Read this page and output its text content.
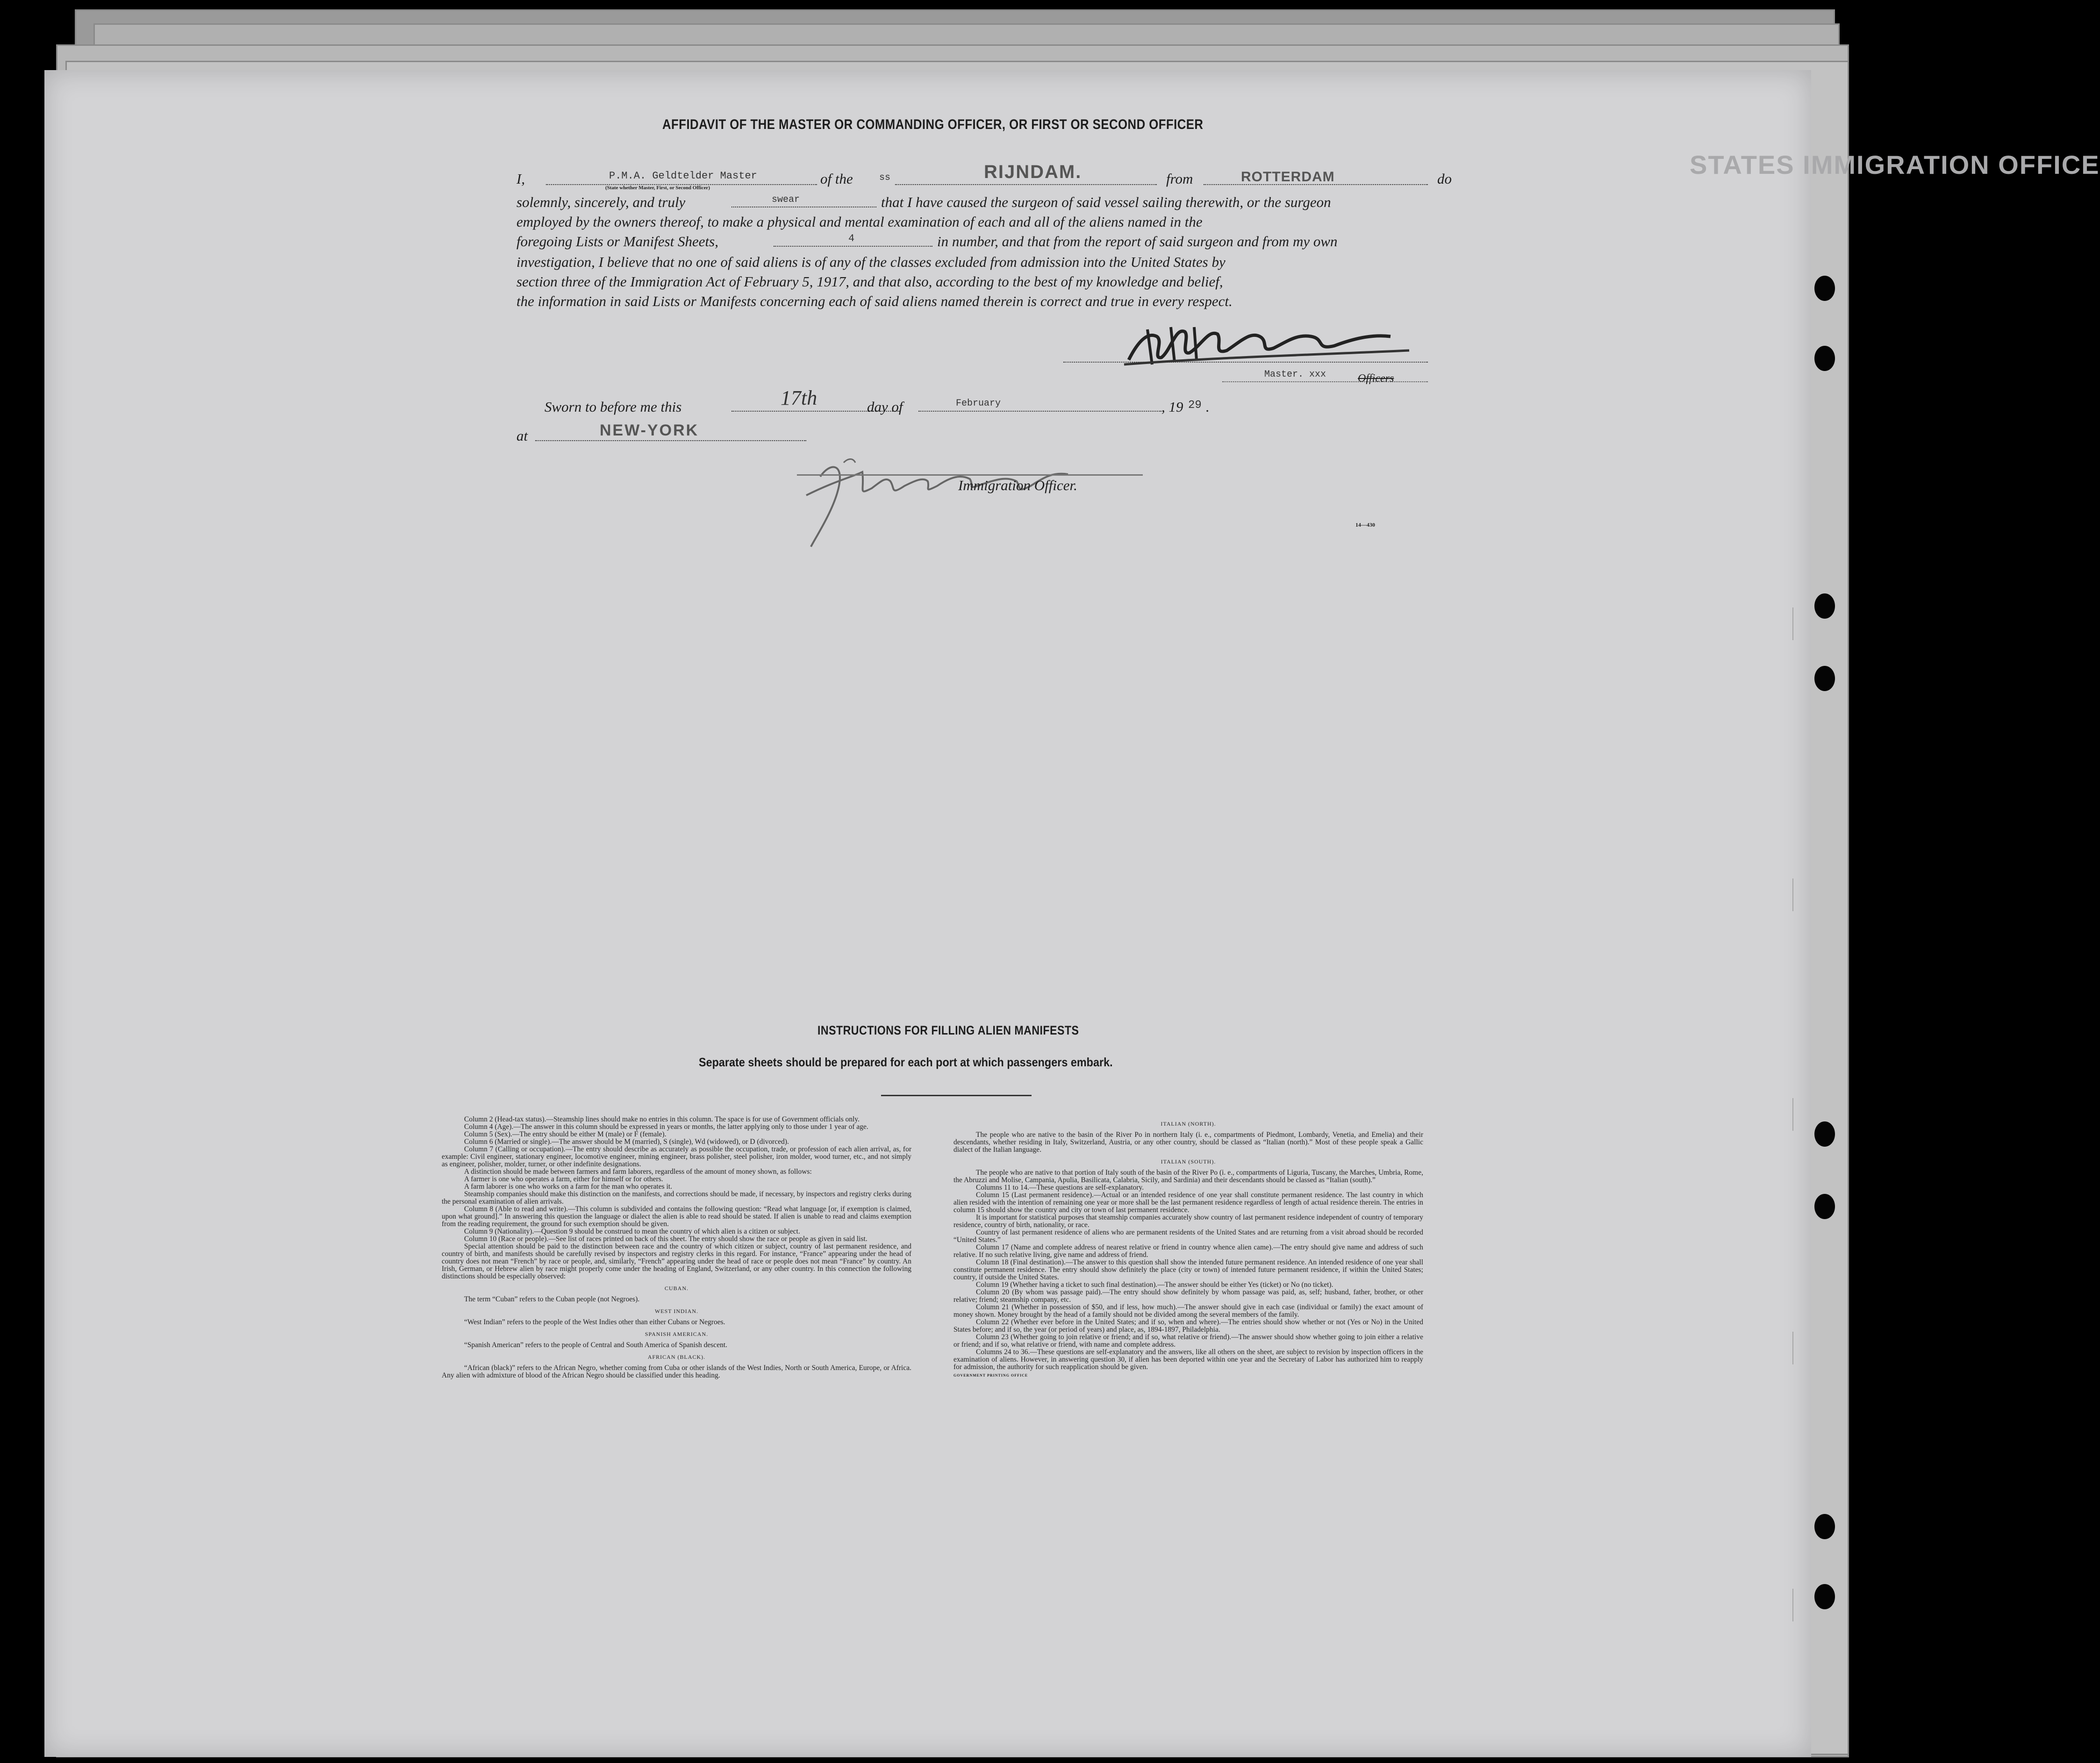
STATES IMMIGRATION OFFICE
AFFIDAVIT OF THE MASTER OR COMMANDING OFFICER, OR FIRST OR SECOND OFFICER
I,	P.M.A. Geldtelder Master
(State whether Master, First, or Second Officer)
of the	ss	RIJNDAM.	from	ROTTERDAM	do
solemnly, sincerely, and truly	swear	that I have caused the surgeon of said vessel sailing therewith, or the surgeon
employed by the owners thereof, to make a physical and mental examination of each and all of the aliens named in the
foregoing Lists or Manifest Sheets,	4	in number, and that from the report of said surgeon and from my own
investigation, I believe that no one of said aliens is of any of the classes excluded from admission into the United States by
section three of the Immigration Act of February 5, 1917, and that also, according to the best of my knowledge and belief,
the information in said Lists or Manifests concerning each of said aliens named therein is correct and true in every respect.
Master. xxx	Officers
Sworn to before me this	17th	day of	February	, 19 29 .
at	NEW-YORK
Immigration Officer.
14—430
INSTRUCTIONS FOR FILLING ALIEN MANIFESTS
Separate sheets should be prepared for each port at which passengers embark.

Column 2 (Head-tax status).—Steamship lines should make no entries in this column. The space is for use of Government officials only.

Column 4 (Age).—The answer in this column should be expressed in years or months, the latter applying only to those under 1 year of age.

Column 5 (Sex).—The entry should be either M (male) or F (female).

Column 6 (Married or single).—The answer should be M (married), S (single), Wd (widowed), or D (divorced).

Column 7 (Calling or occupation).—The entry should describe as accurately as possible the occupation, trade, or profession of each alien arrival, as, for example: Civil engineer, stationary engineer, locomotive engineer, mining engineer, brass polisher, steel polisher, iron molder, wood turner, etc., and not simply as engineer, polisher, molder, turner, or other indefinite designations.

A distinction should be made between farmers and farm laborers, regardless of the amount of money shown, as follows:

A farmer is one who operates a farm, either for himself or for others.

A farm laborer is one who works on a farm for the man who operates it.

Steamship companies should make this distinction on the manifests, and corrections should be made, if necessary, by inspectors and registry clerks during the personal examination of alien arrivals.

Column 8 (Able to read and write).—This column is subdivided and contains the following question: “Read what language [or, if exemption is claimed, upon what ground].” In answering this question the language or dialect the alien is able to read should be stated. If alien is unable to read and claims exemption from the reading requirement, the ground for such exemption should be given.

Column 9 (Nationality).—Question 9 should be construed to mean the country of which alien is a citizen or subject.

Column 10 (Race or people).—See list of races printed on back of this sheet. The entry should show the race or people as given in said list.

Special attention should be paid to the distinction between race and the country of which citizen or subject, country of last permanent residence, and country of birth, and manifests should be carefully revised by inspectors and registry clerks in this regard. For instance, “France” appearing under the head of country does not mean “French” by race or people, and, similarly, “French” appearing under the head of race or people does not mean “France” by country. An Irish, German, or Hebrew alien by race might properly come under the heading of England, Switzerland, or any other country. In this connection the following distinctions should be especially observed:

CUBAN.

The term “Cuban” refers to the Cuban people (not Negroes).

WEST INDIAN.

“West Indian” refers to the people of the West Indies other than either Cubans or Negroes.

SPANISH AMERICAN.

“Spanish American” refers to the people of Central and South America of Spanish descent.

AFRICAN (BLACK).

“African (black)” refers to the African Negro, whether coming from Cuba or other islands of the West Indies, North or South America, Europe, or Africa. Any alien with admixture of blood of the African Negro should be classified under this heading.

ITALIAN (NORTH).

The people who are native to the basin of the River Po in northern Italy (i. e., compartments of Piedmont, Lombardy, Venetia, and Emelia) and their descendants, whether residing in Italy, Switzerland, Austria, or any other country, should be classed as “Italian (north).” Most of these people speak a Gallic dialect of the Italian language.

ITALIAN (SOUTH).

The people who are native to that portion of Italy south of the basin of the River Po (i. e., compartments of Liguria, Tuscany, the Marches, Umbria, Rome, the Abruzzi and Molise, Campania, Apulia, Basilicata, Calabria, Sicily, and Sardinia) and their descendants should be classed as “Italian (south).”

Columns 11 to 14.—These questions are self-explanatory.

Column 15 (Last permanent residence).—Actual or an intended residence of one year shall constitute permanent residence. The last country in which alien resided with the intention of remaining one year or more shall be the last permanent residence regardless of length of actual residence therein. The entries in column 15 should show the country and city or town of last permanent residence.

It is important for statistical purposes that steamship companies accurately show country of last permanent residence independent of country of temporary residence, country of birth, nationality, or race.

Country of last permanent residence of aliens who are permanent residents of the United States and are returning from a visit abroad should be recorded “United States.”

Column 17 (Name and complete address of nearest relative or friend in country whence alien came).—The entry should give name and address of such relative. If no such relative living, give name and address of friend.

Column 18 (Final destination).—The answer to this question shall show the intended future permanent residence. An intended residence of one year shall constitute permanent residence. The entry should show definitely the place (city or town) of intended future permanent residence, if within the United States; country, if outside the United States.

Column 19 (Whether having a ticket to such final destination).—The answer should be either Yes (ticket) or No (no ticket).

Column 20 (By whom was passage paid).—The entry should show definitely by whom passage was paid, as, self; husband, father, brother, or other relative; friend; steamship company, etc.

Column 21 (Whether in possession of $50, and if less, how much).—The answer should give in each case (individual or family) the exact amount of money shown. Money brought by the head of a family should not be divided among the several members of the family.

Column 22 (Whether ever before in the United States; and if so, when and where).—The entries should show whether or not (Yes or No) in the United States before; and if so, the year (or period of years) and place, as, 1894-1897, Philadelphia.

Column 23 (Whether going to join relative or friend; and if so, what relative or friend).—The answer should show whether going to join either a relative or friend; and if so, what relative or friend, with name and complete address.

Columns 24 to 36.—These questions are self-explanatory and the answers, like all others on the sheet, are subject to revision by inspection officers in the examination of aliens. However, in answering question 30, if alien has been deported within one year and the Secretary of Labor has authorized him to reapply for admission, the authority for such reapplication should be given.

GOVERNMENT PRINTING OFFICE
